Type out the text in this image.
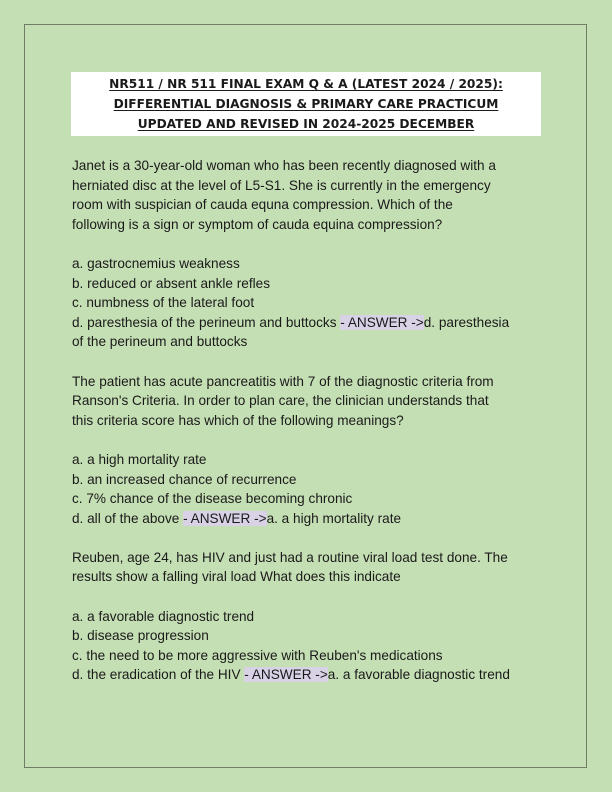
NR511 / NR 511 FINAL EXAM Q & A (LATEST 2024 / 2025):
DIFFERENTIAL DIAGNOSIS & PRIMARY CARE PRACTICUM
UPDATED AND REVISED IN 2024-2025 DECEMBER

Janet is a 30-year-old woman who has been recently diagnosed with a

herniated disc at the level of L5-S1. She is currently in the emergency

room with suspician of cauda equna compression. Which of the

following is a sign or symptom of cauda equina compression?

a. gastrocnemius weakness

b. reduced or absent ankle refles

c. numbness of the lateral foot

d. paresthesia of the perineum and buttocks - ANSWER ->d. paresthesia

of the perineum and buttocks

The patient has acute pancreatitis with 7 of the diagnostic criteria from

Ranson's Criteria. In order to plan care, the clinician understands that

this criteria score has which of the following meanings?

a. a high mortality rate

b. an increased chance of recurrence

c. 7% chance of the disease becoming chronic

d. all of the above - ANSWER ->a. a high mortality rate

Reuben, age 24, has HIV and just had a routine viral load test done. The

results show a falling viral load What does this indicate

a. a favorable diagnostic trend

b. disease progression

c. the need to be more aggressive with Reuben's medications

d. the eradication of the HIV - ANSWER ->a. a favorable diagnostic trend
